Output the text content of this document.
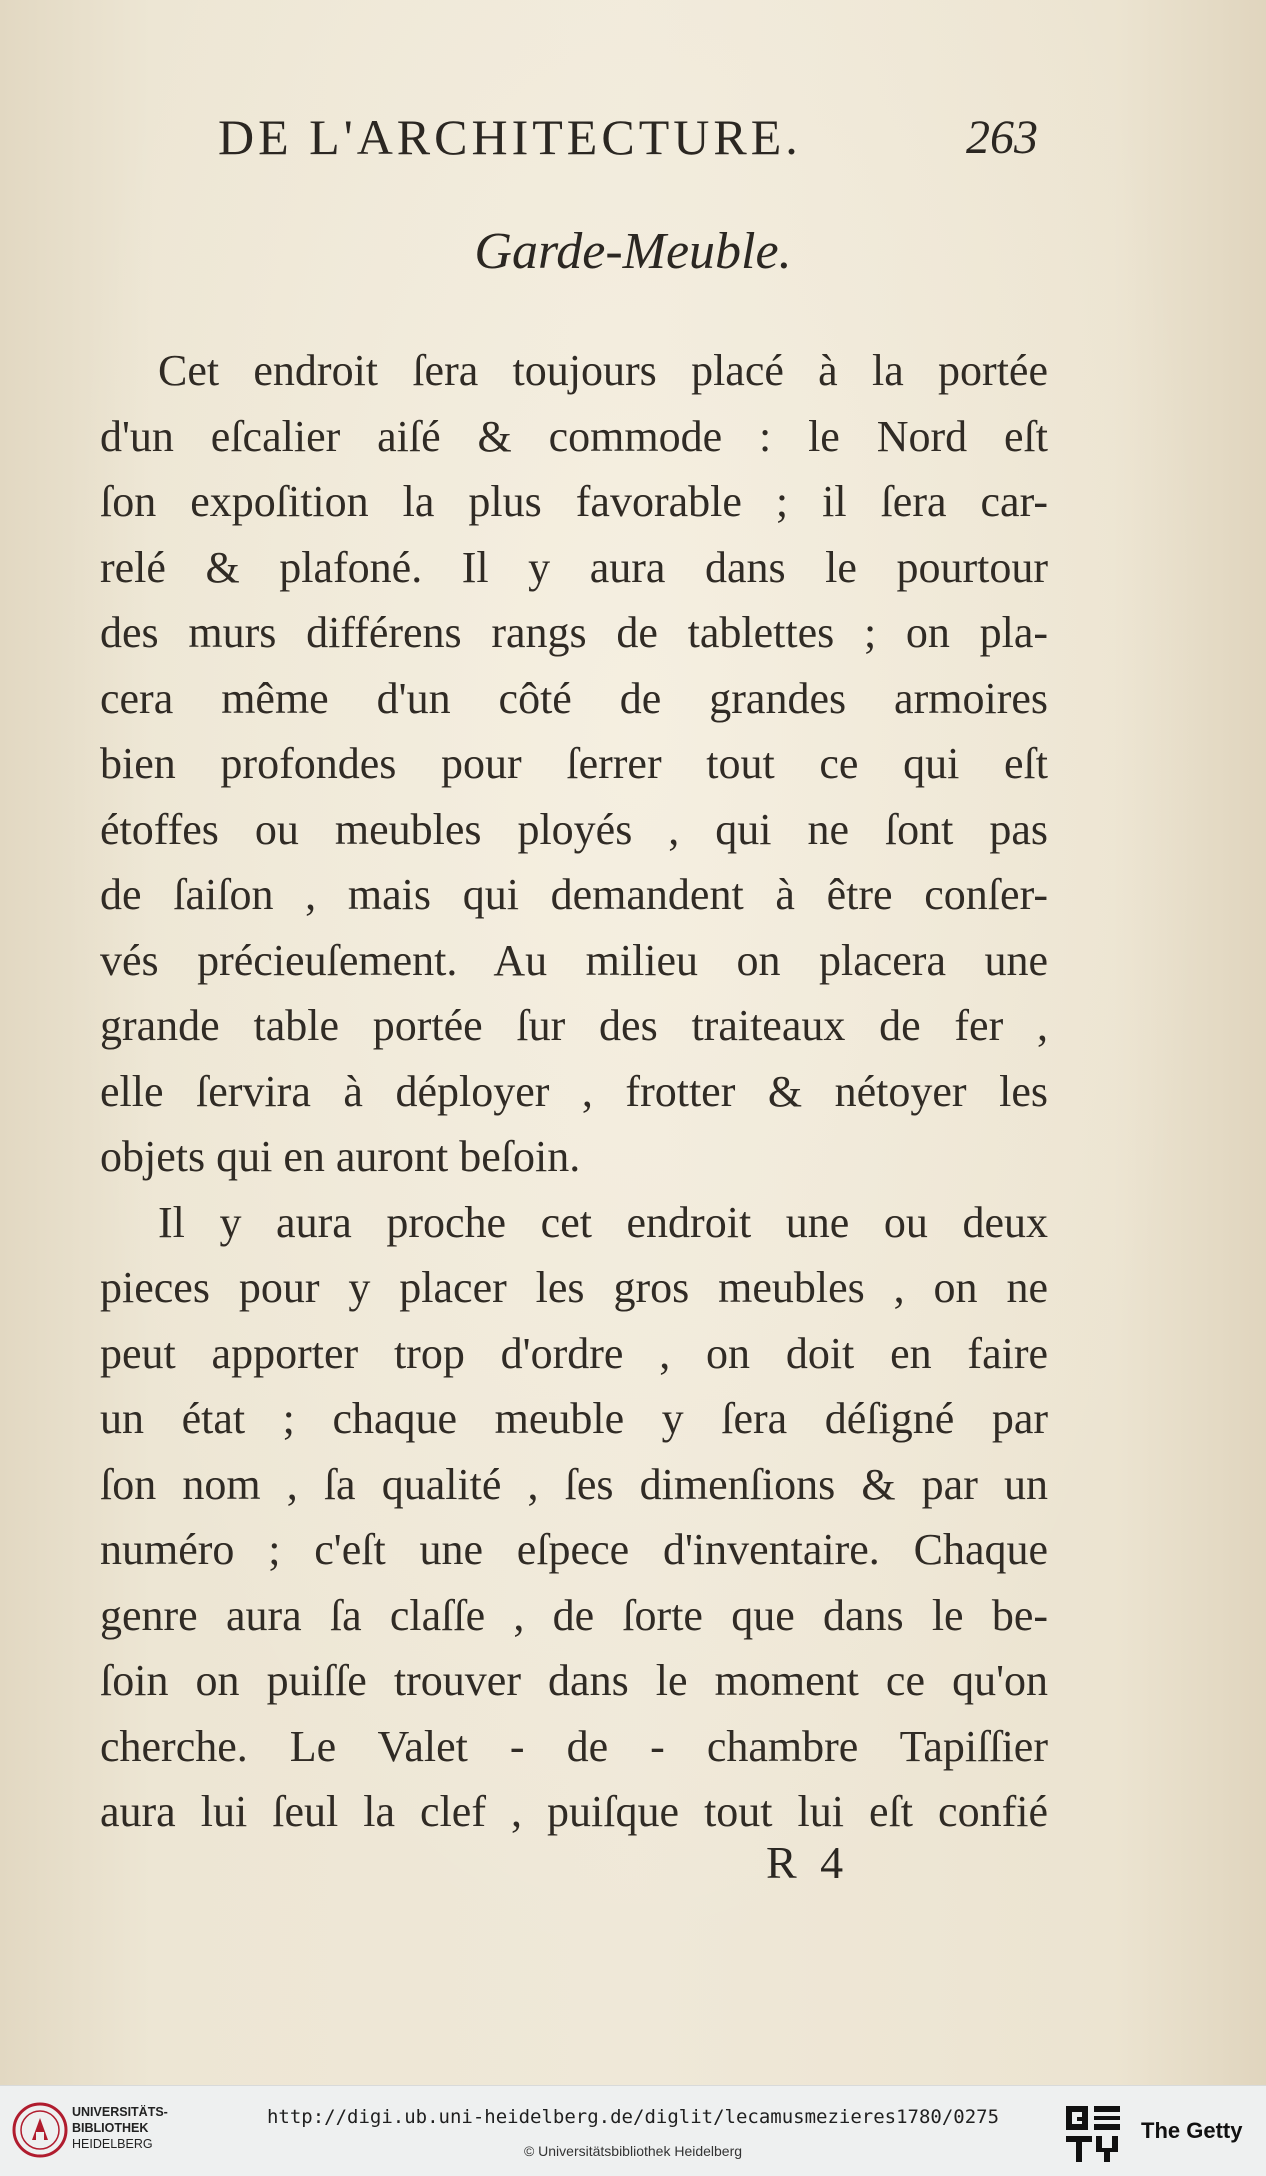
DE L'ARCHITECTURE.	263
Garde-Meuble.
Cet endroit ſera toujours placé à la portée
d'un eſcalier aiſé & commode : le Nord eſt
ſon expoſition la plus favorable ; il ſera car-
relé & plafoné. Il y aura dans le pourtour
des murs différens rangs de tablettes ; on pla-
cera même d'un côté de grandes armoires
bien profondes pour ſerrer tout ce qui eſt
étoffes ou meubles ployés , qui ne ſont pas
de ſaiſon , mais qui demandent à être conſer-
vés précieuſement. Au milieu on placera une
grande table portée ſur des traiteaux de fer ,
elle ſervira à déployer , frotter & nétoyer les
objets qui en auront beſoin.
Il y aura proche cet endroit une ou deux
pieces pour y placer les gros meubles , on ne
peut apporter trop d'ordre , on doit en faire
un état ; chaque meuble y ſera déſigné par
ſon nom , ſa qualité , ſes dimenſions & par un
numéro ; c'eſt une eſpece d'inventaire. Chaque
genre aura ſa claſſe , de ſorte que dans le be-
ſoin on puiſſe trouver dans le moment ce qu'on
cherche. Le Valet - de - chambre Tapiſſier
aura lui ſeul la clef , puiſque tout lui eſt confié
R 4
UNIVERSITÄTS-
BIBLIOTHEK
HEIDELBERG
http://digi.ub.uni-heidelberg.de/diglit/lecamusmezieres1780/0275
© Universitätsbibliothek Heidelberg
The Getty
